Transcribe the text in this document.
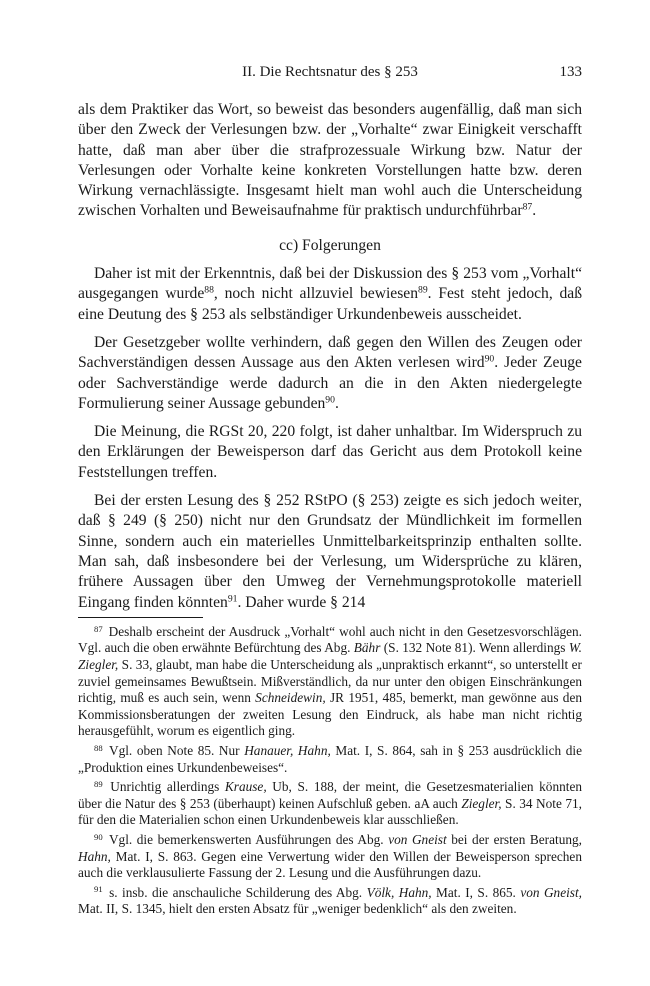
II. Die Rechtsnatur des § 253	133

als dem Praktiker das Wort, so beweist das besonders augenfällig, daß man sich über den Zweck der Verlesungen bzw. der „Vorhalte“ zwar Einigkeit verschafft hatte, daß man aber über die strafprozessuale Wirkung bzw. Natur der Verlesungen oder Vorhalte keine konkreten Vorstellungen hatte bzw. deren Wirkung vernachlässigte. Insgesamt hielt man wohl auch die Unterscheidung zwischen Vorhalten und Beweisaufnahme für praktisch undurchführbar$^{87}$.

cc) Folgerungen

Daher ist mit der Erkenntnis, daß bei der Diskussion des § 253 vom „Vorhalt“ ausgegangen wurde$^{88}$, noch nicht allzuviel bewiesen$^{89}$. Fest steht jedoch, daß eine Deutung des § 253 als selbständiger Urkundenbeweis ausscheidet.

Der Gesetzgeber wollte verhindern, daß gegen den Willen des Zeugen oder Sachverständigen dessen Aussage aus den Akten verlesen wird$^{90}$. Jeder Zeuge oder Sachverständige werde dadurch an die in den Akten niedergelegte Formulierung seiner Aussage gebunden$^{90}$.

Die Meinung, die RGSt 20, 220 folgt, ist daher unhaltbar. Im Widerspruch zu den Erklärungen der Beweisperson darf das Gericht aus dem Protokoll keine Feststellungen treffen.

Bei der ersten Lesung des § 252 RStPO (§ 253) zeigte es sich jedoch weiter, daß § 249 (§ 250) nicht nur den Grundsatz der Mündlichkeit im formellen Sinne, sondern auch ein materielles Unmittelbarkeitsprinzip enthalten sollte. Man sah, daß insbesondere bei der Verlesung, um Widersprüche zu klären, frühere Aussagen über den Umweg der Vernehmungsprotokolle materiell Eingang finden könnten$^{91}$. Daher wurde § 214

$^{87}$ Deshalb erscheint der Ausdruck „Vorhalt“ wohl auch nicht in den Gesetzesvorschlägen. Vgl. auch die oben erwähnte Befürchtung des Abg. Bähr (S. 132 Note 81). Wenn allerdings W. Ziegler, S. 33, glaubt, man habe die Unterscheidung als „unpraktisch erkannt“, so unterstellt er zuviel gemeinsames Bewußtsein. Mißverständlich, da nur unter den obigen Einschränkungen richtig, muß es auch sein, wenn Schneidewin, JR 1951, 485, bemerkt, man gewönne aus den Kommissionsberatungen der zweiten Lesung den Eindruck, als habe man nicht richtig herausgefühlt, worum es eigentlich ging.
$^{88}$ Vgl. oben Note 85. Nur Hanauer, Hahn, Mat. I, S. 864, sah in § 253 ausdrücklich die „Produktion eines Urkundenbeweises“.
$^{89}$ Unrichtig allerdings Krause, Ub, S. 188, der meint, die Gesetzesmaterialien könnten über die Natur des § 253 (überhaupt) keinen Aufschluß geben. aA auch Ziegler, S. 34 Note 71, für den die Materialien schon einen Urkundenbeweis klar ausschließen.
$^{90}$ Vgl. die bemerkenswerten Ausführungen des Abg. von Gneist bei der ersten Beratung, Hahn, Mat. I, S. 863. Gegen eine Verwertung wider den Willen der Beweisperson sprechen auch die verklausulierte Fassung der 2. Lesung und die Ausführungen dazu.
$^{91}$ s. insb. die anschauliche Schilderung des Abg. Völk, Hahn, Mat. I, S. 865. von Gneist, Mat. II, S. 1345, hielt den ersten Absatz für „weniger bedenklich“ als den zweiten.
